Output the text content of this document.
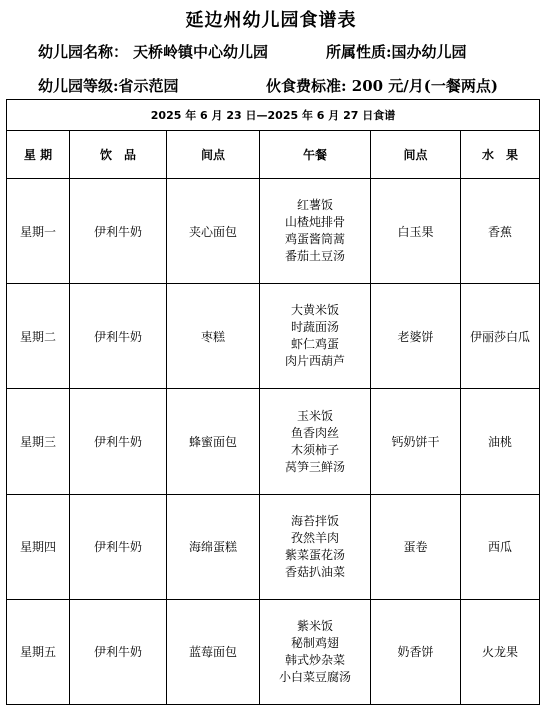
延边州幼儿园食谱表
幼儿园名称： 天桥岭镇中心幼儿园	所属性质:国办幼儿园
幼儿园等级:省示范园	伙食费标准: 200 元/月(一餐两点)
2025 年 6 月 23 日—2025 年 6 月 27 日食谱					
星 期	饮　品	间点	午餐	间点	水　果
星期一	伊利牛奶	夹心面包	红薯饭
山楂炖排骨
鸡蛋酱筒蒿
番茄土豆汤	白玉果	香蕉
星期二	伊利牛奶	枣糕	大黄米饭
时蔬面汤
虾仁鸡蛋
肉片西葫芦	老婆饼	伊丽莎白瓜
星期三	伊利牛奶	蜂蜜面包	玉米饭
鱼香肉丝
木须柿子
莴笋三鲜汤	钙奶饼干	油桃
星期四	伊利牛奶	海绵蛋糕	海苔拌饭
孜然羊肉
紫菜蛋花汤
香菇扒油菜	蛋卷	西瓜
星期五	伊利牛奶	蓝莓面包	紫米饭
秘制鸡翅
韩式炒杂菜
小白菜豆腐汤	奶香饼	火龙果
